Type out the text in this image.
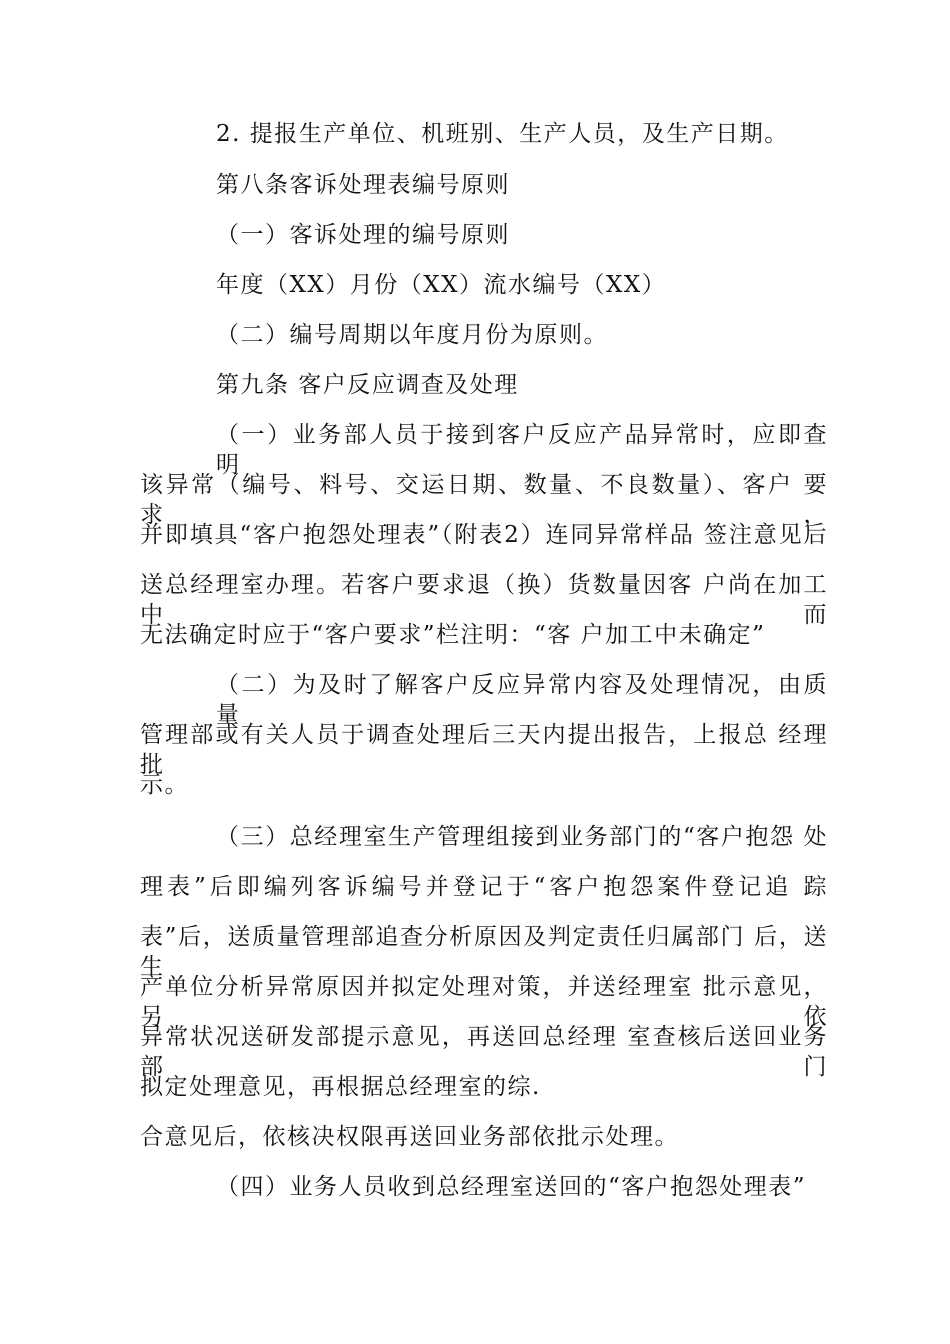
2. 提报生产单位、机班别、生产人员，及生产日期。
第八条客诉处理表编号原则
（一）客诉处理的编号原则
年度（XX）月份（XX）流水编号（XX）
（二）编号周期以年度月份为原则。
第九条 客户反应调查及处理
（一）业务部人员于接到客户反应产品异常时，应即查 明
该异常（编号、料号、交运日期、数量、不良数量）、客户 要求，
并即填具“客户抱怨处理表”（附表2）连同异常样品 签注意见后
送总经理室办理。若客户要求退（换）货数量因客 户尚在加工中而
无法确定时应于“客户要求”栏注明：“客 户加工中未确定”
（二）为及时了解客户反应异常内容及处理情况，由质 量
管理部或有关人员于调查处理后三天内提出报告，上报总 经理批
示。
（三）总经理室生产管理组接到业务部门的“客户抱怨 处
理表”后即编列客诉编号并登记于“客户抱怨案件登记追 踪
表”后，送质量管理部追查分析原因及判定责任归属部门 后，送生
产单位分析异常原因并拟定处理对策，并送经理室 批示意见，另依
异常状况送研发部提示意见，再送回总经理 室查核后送回业务部门
拟定处理意见，再根据总经理室的综.
合意见后，依核决权限再送回业务部依批示处理。
（四）业务人员收到总经理室送回的“客户抱怨处理表”
